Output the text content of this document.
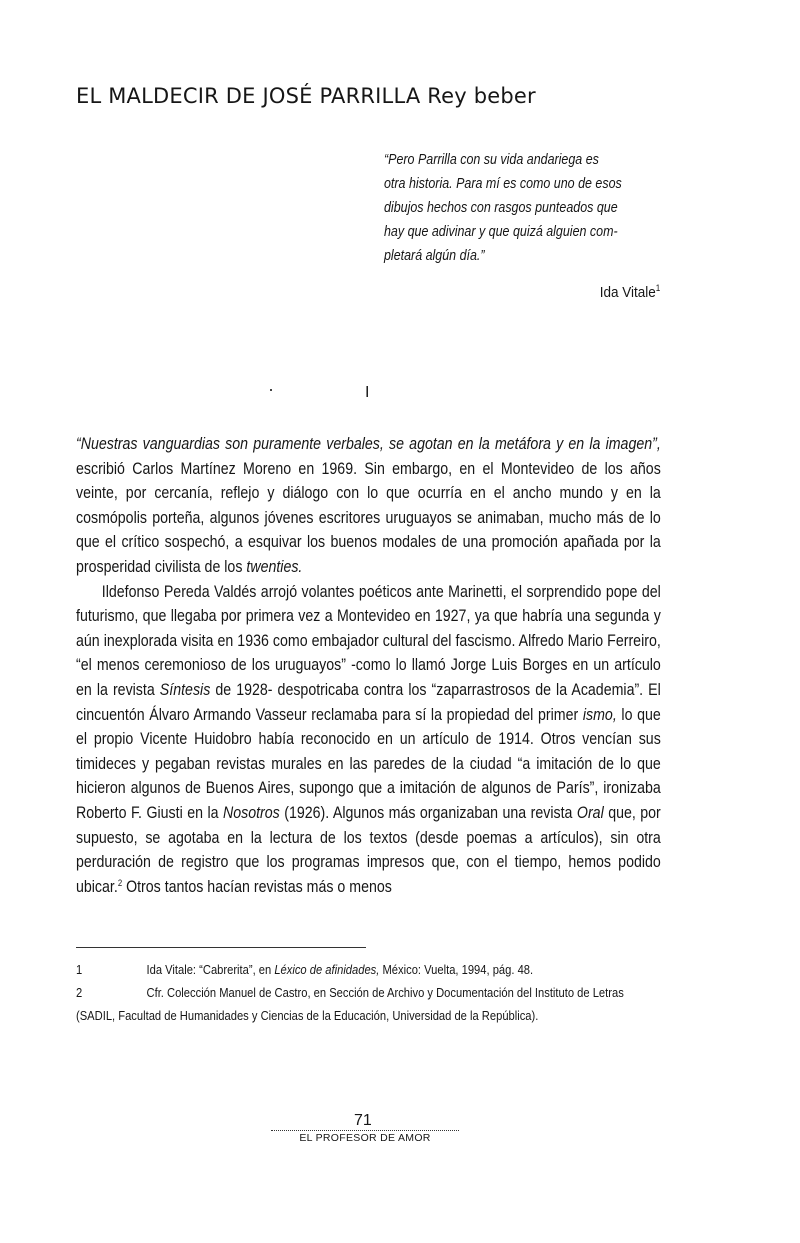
EL MALDECIR DE JOSÉ PARRILLA Rey beber

“Pero Parrilla con su vida andariega es
otra historia. Para mí es como uno de esos
dibujos hechos con rasgos punteados que
hay que adivinar y que quizá alguien com-
pletará algún día.”

Ida Vitale$^1$
I

“Nuestras vanguardias son puramente verbales, se agotan en la metáfora y en la imagen”, escribió Carlos Martínez Moreno en 1969. Sin embargo, en el Montevideo de los años veinte, por cercanía, reflejo y diálogo con lo que ocurría en el ancho mundo y en la cosmópolis porteña, algunos jóvenes escritores uruguayos se animaban, mucho más de lo que el crítico sospechó, a esquivar los buenos modales de una promoción apañada por la prosperidad civilista de los twenties.

Ildefonso Pereda Valdés arrojó volantes poéticos ante Marinetti, el sorprendido pope del futurismo, que llegaba por primera vez a Montevideo en 1927, ya que habría una segunda y aún inexplorada visita en 1936 como embajador cultural del fascismo. Alfredo Mario Ferreiro, “el menos ceremonioso de los uruguayos” -como lo llamó Jorge Luis Borges en un artículo en la revista Síntesis de 1928- despotricaba contra los “zaparrastrosos de la Academia”. El cincuentón Álvaro Armando Vasseur reclamaba para sí la propiedad del primer ismo, lo que el propio Vicente Huidobro había reconocido en un artículo de 1914. Otros vencían sus timideces y pegaban revistas murales en las paredes de la ciudad “a imitación de lo que hicieron algunos de Buenos Aires, supongo que a imitación de algunos de París”, ironizaba Roberto F. Giusti en la Nosotros (1926). Algunos más organizaban una revista Oral que, por supuesto, se agotaba en la lectura de los textos (desde poemas a artículos), sin otra perduración de registro que los programas impresos que, con el tiempo, hemos podido ubicar.$^2$ Otros tantos hacían revistas más o menos

1	Ida Vitale: “Cabrerita”, en Léxico de afinidades, México: Vuelta, 1994, pág. 48.

2	Cfr. Colección Manuel de Castro, en Sección de Archivo y Documentación del Instituto de Letras (SADIL, Facultad de Humanidades y Ciencias de la Educación, Universidad de la República).

71
EL PROFESOR DE AMOR
